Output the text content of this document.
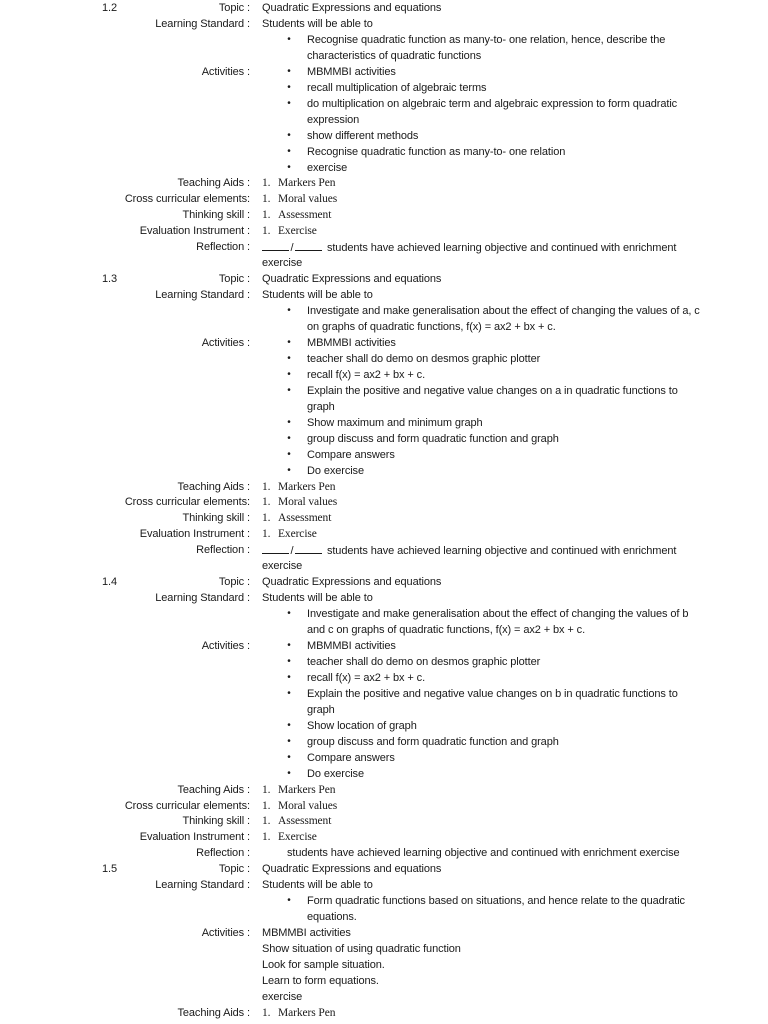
1.2	Topic : Quadratic Expressions and equations
Learning Standard : Students will be able to
• Recognise quadratic function as many-to- one relation, hence, describe the
characteristics of quadratic functions
Activities :	• MBMMBI activities
• recall multiplication of algebraic terms
• do multiplication on algebraic term and algebraic expression to form quadratic
expression
• show different methods
• Recognise quadratic function as many-to- one relation
• exercise
Teaching Aids : 1. Markers Pen
Cross curricular elements: 1. Moral values
Thinking skill : 1. Assessment
Evaluation Instrument : 1. Exercise
Reflection :	/	students have achieved learning objective and continued with enrichment
exercise
1.3	Topic : Quadratic Expressions and equations
Learning Standard : Students will be able to
• Investigate and make generalisation about the effect of changing the values of a, c
on graphs of quadratic functions, f(x) = ax2 + bx + c.
Activities :	• MBMMBI activities
• teacher shall do demo on desmos graphic plotter
• recall f(x) = ax2 + bx + c.
• Explain the positive and negative value changes on a in quadratic functions to
graph
• Show maximum and minimum graph
• group discuss and form quadratic function and graph
• Compare answers
• Do exercise
Teaching Aids : 1. Markers Pen
Cross curricular elements: 1. Moral values
Thinking skill : 1. Assessment
Evaluation Instrument : 1. Exercise
Reflection :	/	students have achieved learning objective and continued with enrichment
exercise
1.4	Topic : Quadratic Expressions and equations
Learning Standard : Students will be able to
• Investigate and make generalisation about the effect of changing the values of b
and c on graphs of quadratic functions, f(x) = ax2 + bx + c.
Activities :	• MBMMBI activities
• teacher shall do demo on desmos graphic plotter
• recall f(x) = ax2 + bx + c.
• Explain the positive and negative value changes on b in quadratic functions to
graph
• Show location of graph
• group discuss and form quadratic function and graph
• Compare answers
• Do exercise
Teaching Aids : 1. Markers Pen
Cross curricular elements: 1. Moral values
Thinking skill : 1. Assessment
Evaluation Instrument : 1. Exercise
Reflection :	students have achieved learning objective and continued with enrichment exercise
1.5	Topic : Quadratic Expressions and equations
Learning Standard : Students will be able to
• Form quadratic functions based on situations, and hence relate to the quadratic
equations.
Activities : MBMMBI activities
Show situation of using quadratic function
Look for sample situation.
Learn to form equations.
exercise
Teaching Aids : 1. Markers Pen
